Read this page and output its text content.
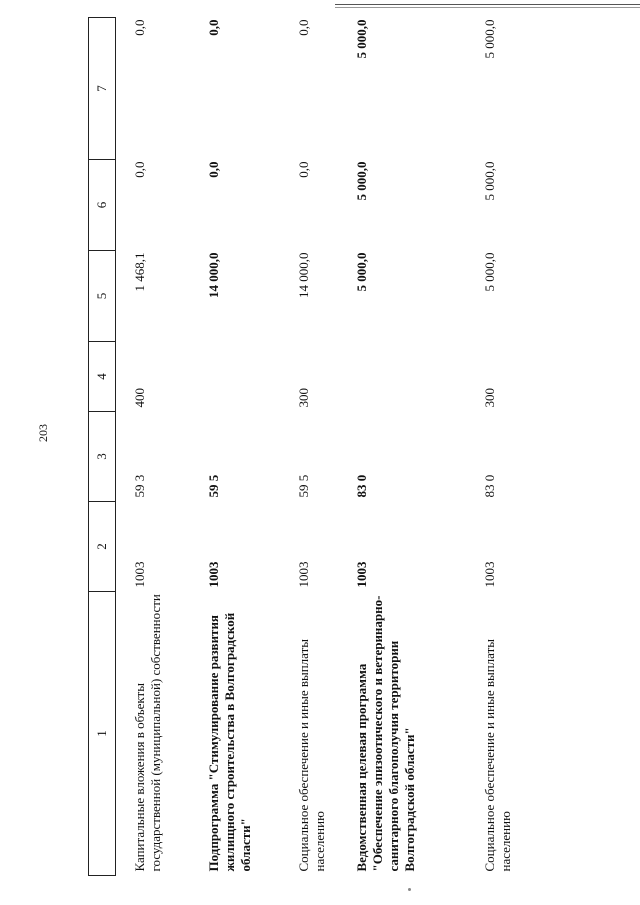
203
1	2	3	4	5	6	7
Капитальные вложения в объекты государственной (муниципальной) собственности	1003	59 3	400	1 468,1	0,0	0,0
Подпрограмма "Стимулирование развития жилищного строительства в Волгоградской области"	1003	59 5		14 000,0	0,0	0,0
Социальное обеспечение и иные выплаты населению	1003	59 5	300	14 000,0	0,0	0,0
Ведомственная целевая программа "Обеспечение эпизоотического и ветеринарно-санитарного благополучия территории Волгоградской области"	1003	83 0		5 000,0	5 000,0	5 000,0
Социальное обеспечение и иные выплаты населению	1003	83 0	300	5 000,0	5 000,0	5 000,0
